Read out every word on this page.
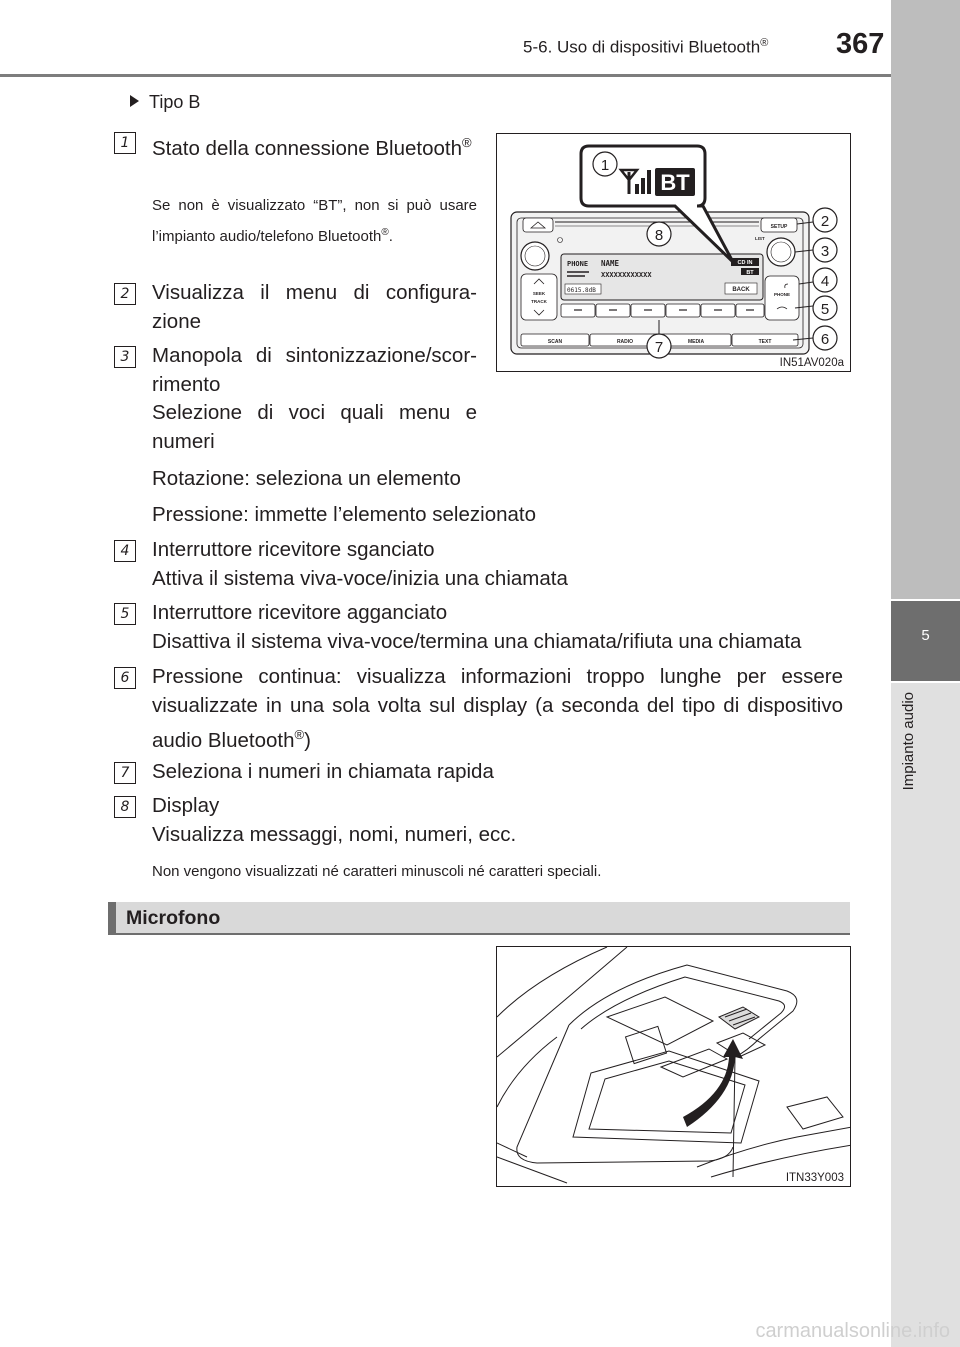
5-6. Uso di dispositivi Bluetooth® 367
5
Impianto audio
Tipo B
1	Stato della connessione Bluetooth®
Se non è visualizzato “BT”, non si può usare l’impianto audio/telefono Bluetooth®.
2	Visualizza il menu di configura-zione
3	Manopola di sintonizzazione/scor-rimento
Selezione di voci quali menu e numeri
Rotazione: seleziona un elemento
Pressione: immette l’elemento selezionato
4	Interruttore ricevitore sganciato
Attiva il sistema viva-voce/inizia una chiamata
5	Interruttore ricevitore agganciato
Disattiva il sistema viva-voce/termina una chiamata/rifiuta una chiamata
6	Pressione continua: visualizza informazioni troppo lunghe per essere visualizzate in una sola volta sul display (a seconda del tipo di dispositivo audio Bluetooth®)
7	Seleziona i numeri in chiamata rapida
8	Display
Visualizza messaggi, nomi, numeri, ecc.
Non vengono visualizzati né caratteri minuscoli né caratteri speciali.
SETUP
LIST
PHONE NAME
XXXXXXXXXXXX
0615.8dB
CD IN
BT
BACK
SEEK
TRACK
PHONE
SCAN	RADIO	MEDIA	TEXT
1
BT
8
7
2
3
4
5
6
IN51AV020a
Microfono
ITN33Y003
carmanualsonline.info
